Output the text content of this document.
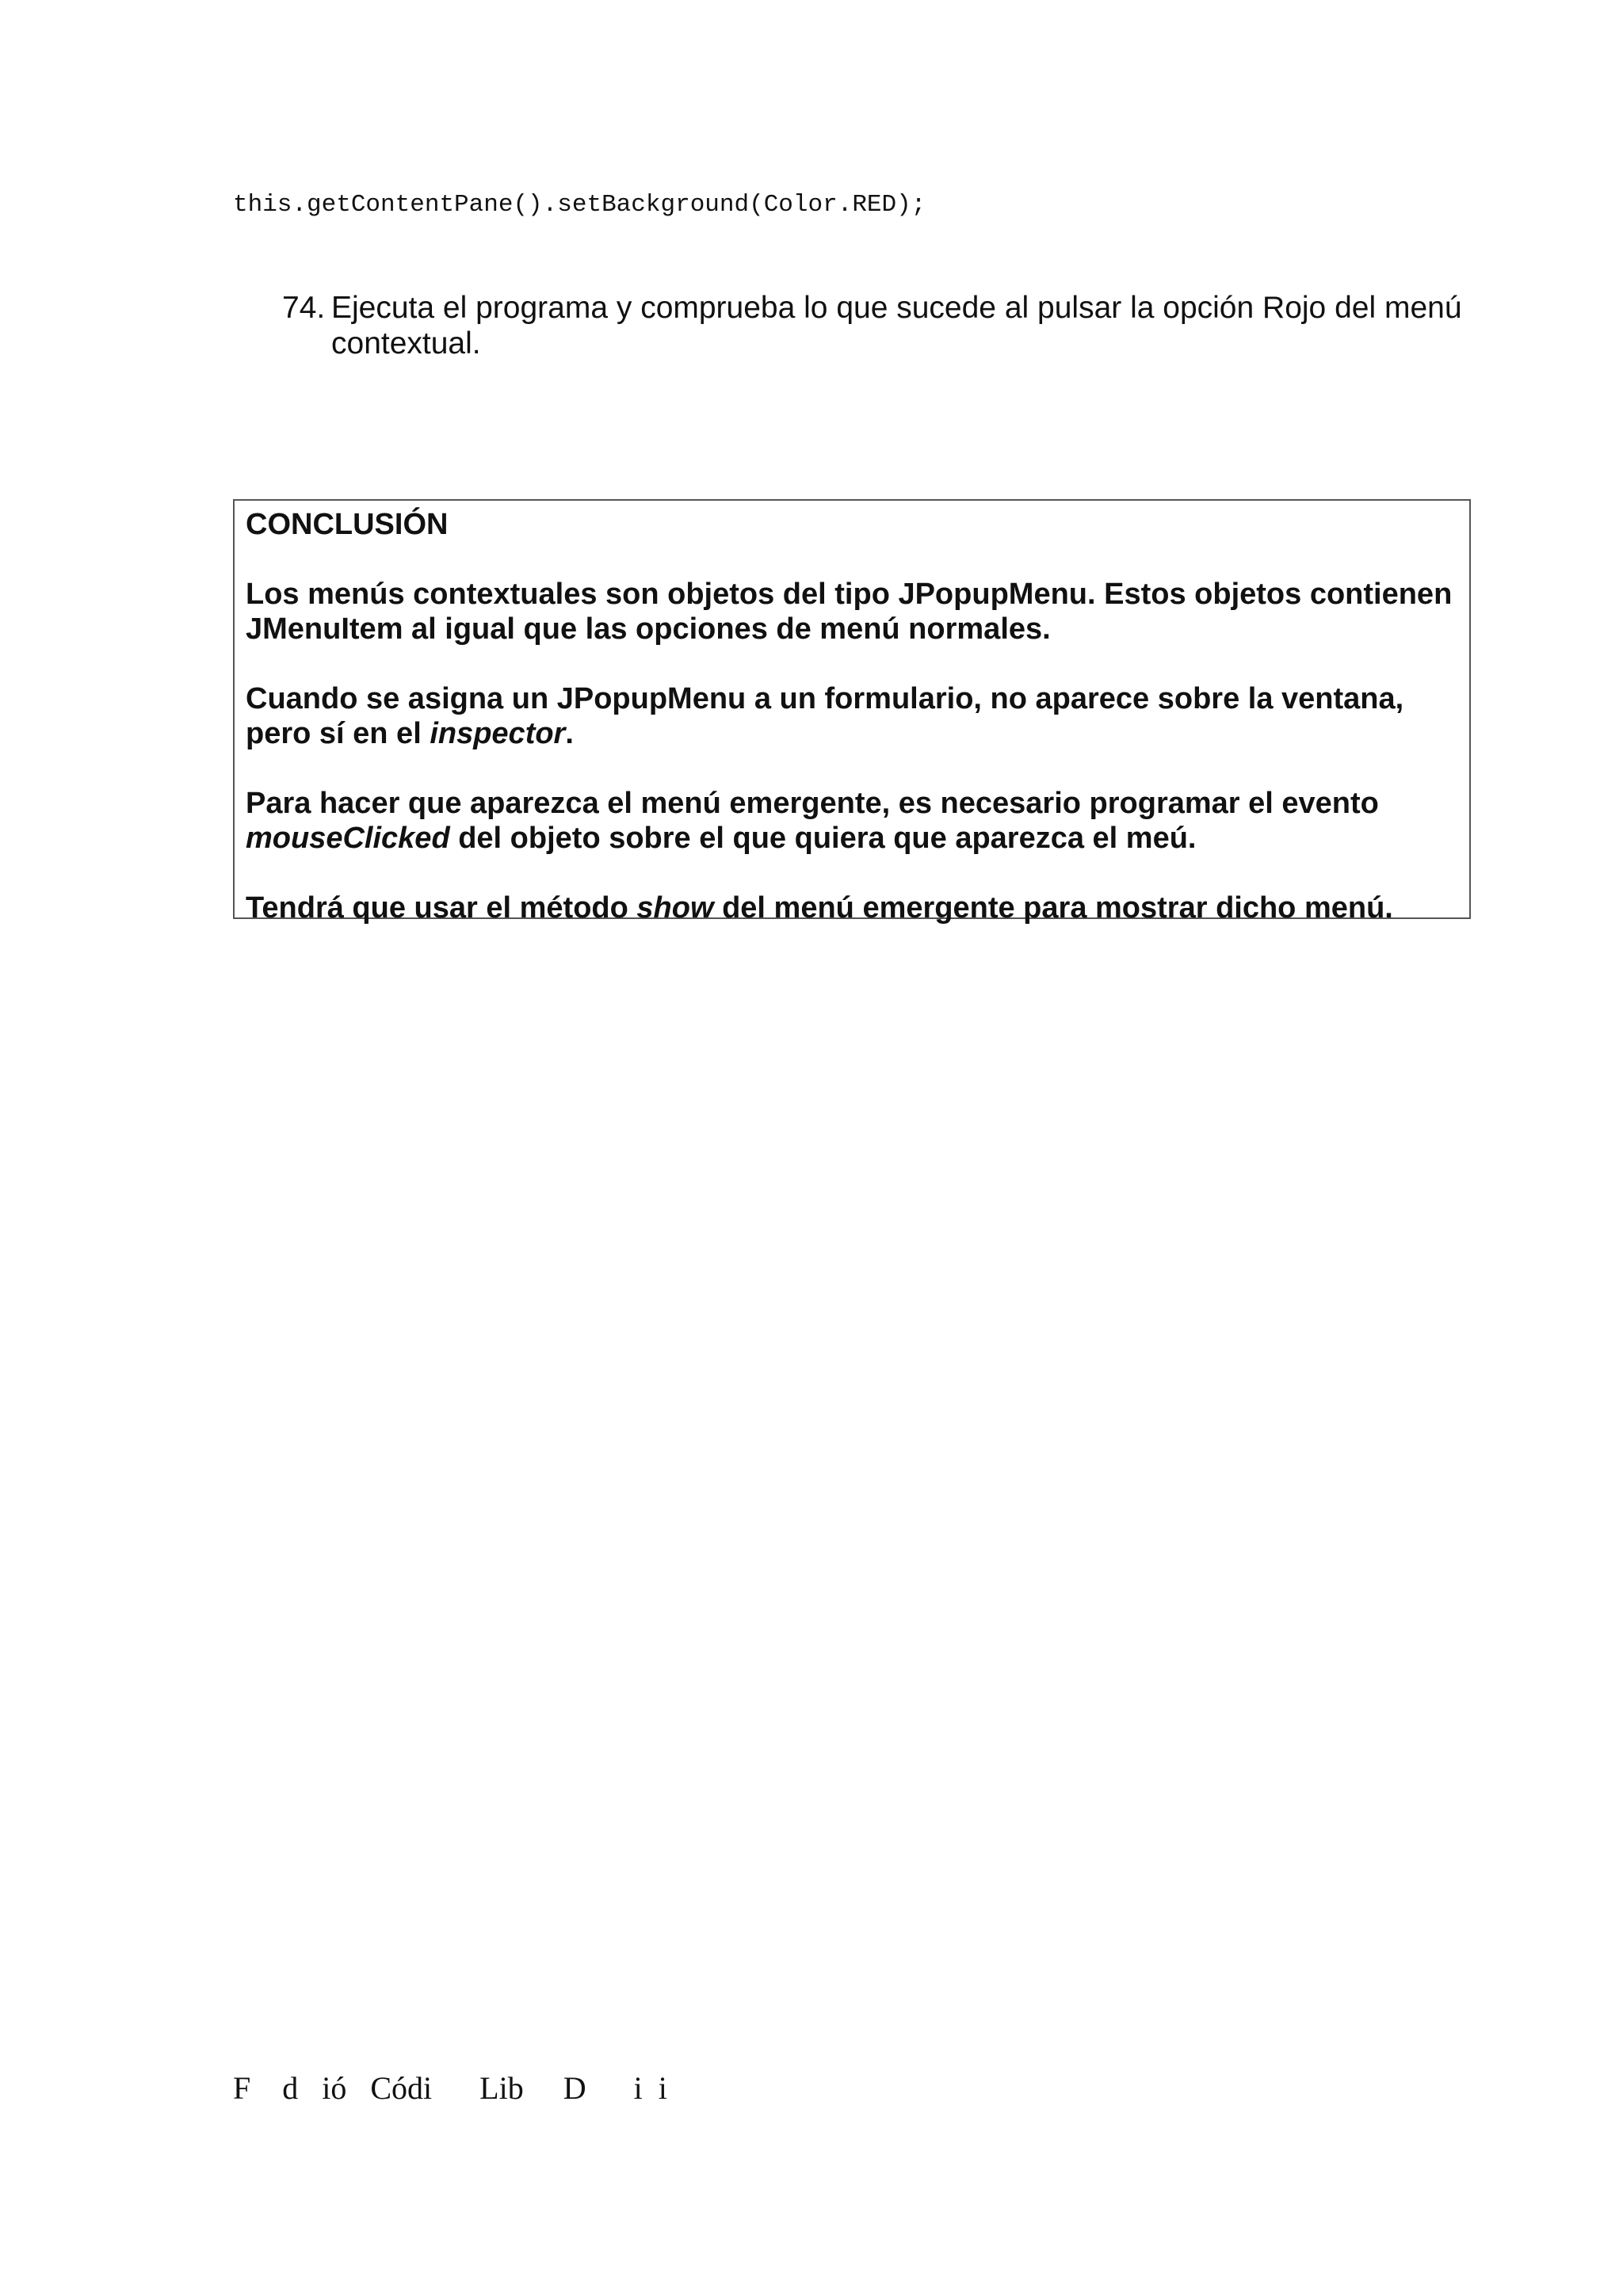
this.getContentPane().setBackground(Color.RED);
74. Ejecuta el programa y comprueba lo que sucede al pulsar la opción Rojo del menú contextual.
CONCLUSIÓN

Los menús contextuales son objetos del tipo JPopupMenu. Estos objetos contienen JMenuItem al igual que las opciones de menú normales.

Cuando se asigna un JPopupMenu a un formulario, no aparece sobre la ventana, pero sí en el inspector.

Para hacer que aparezca el menú emergente, es necesario programar el evento mouseClicked del objeto sobre el que quiera que aparezca el meú.

Tendrá que usar el método show del menú emergente para mostrar dicho menú.

F    d   ió   Códi      Lib     D      i  i
